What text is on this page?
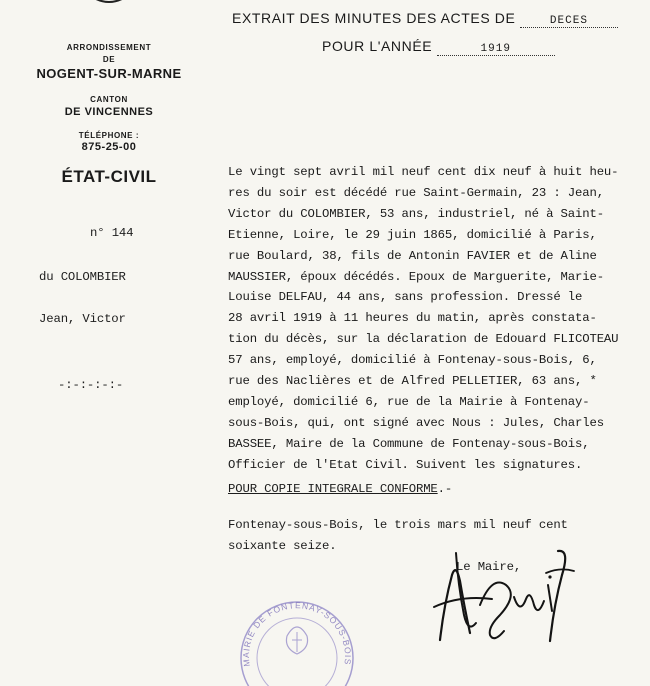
ARRONDISSEMENT
DE
NOGENT-SUR-MARNE
CANTON
DE VINCENNES
TÉLÉPHONE :
875-25-00
ÉTAT-CIVIL
EXTRAIT DES MINUTES DES ACTES DE	DECES
POUR L'ANNÉE	1919
n° 144
du COLOMBIER
Jean, Victor
-:-:-:-:-
Le vingt sept avril mil neuf cent dix neuf à huit heu-
res du soir est décédé rue Saint-Germain, 23 : Jean,
Victor du COLOMBIER, 53 ans, industriel, né à Saint-
Etienne, Loire, le 29 juin 1865, domicilié à Paris,
rue Boulard, 38, fils de Antonin FAVIER et de Aline
MAUSSIER, époux décédés. Epoux de Marguerite, Marie-
Louise DELFAU, 44 ans, sans profession. Dressé le
28 avril 1919 à 11 heures du matin, après constata-
tion du décès, sur la déclaration de Edouard FLICOTEAU
57 ans, employé, domicilié à Fontenay-sous-Bois, 6,
rue des Naclières et de Alfred PELLETIER, 63 ans, *
employé, domicilié 6, rue de la Mairie à Fontenay-
sous-Bois, qui, ont signé avec Nous : Jules, Charles
BASSEE, Maire de la Commune de Fontenay-sous-Bois,
Officier de l'Etat Civil. Suivent les signatures.
POUR COPIE INTEGRALE CONFORME.-
Fontenay-sous-Bois, le trois mars mil neuf cent
soixante seize.
Le Maire,
MAIRIE DE FONTENAY-SOUS-BOIS
